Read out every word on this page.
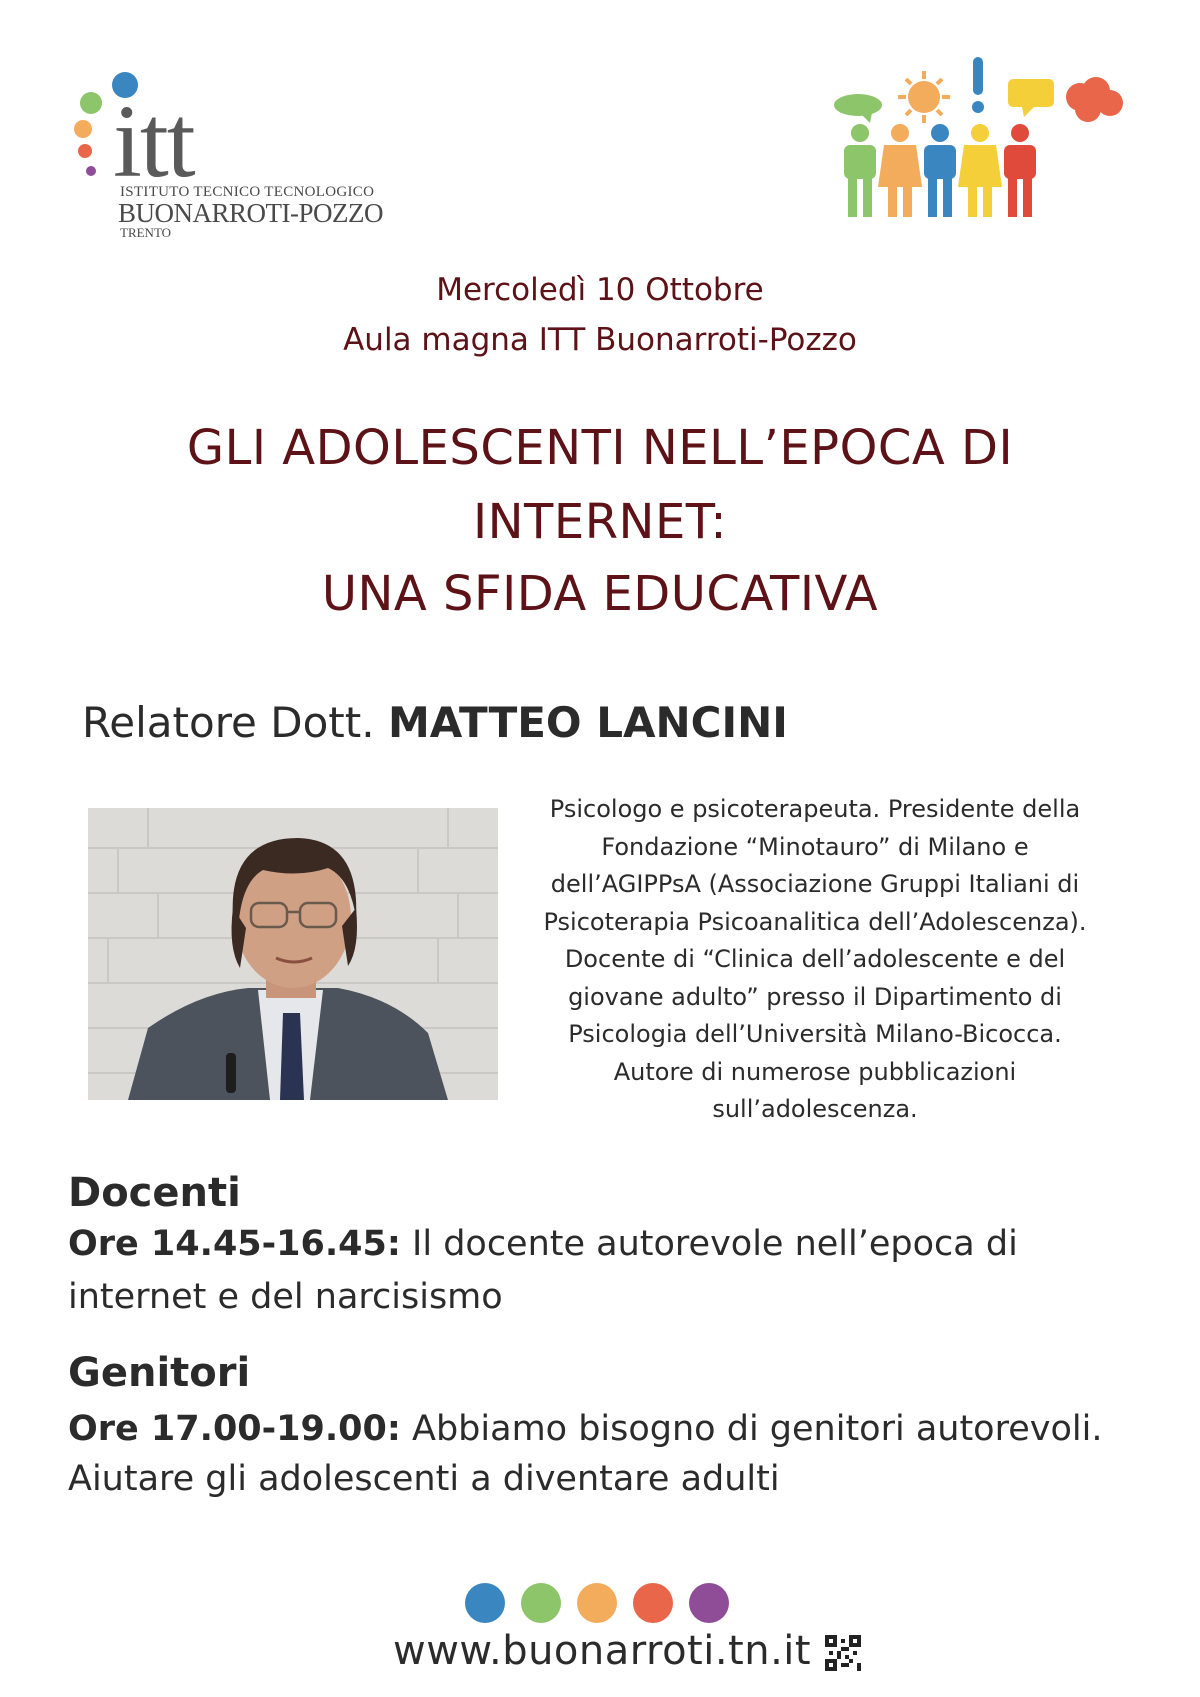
itt
ISTITUTO TECNICO TECNOLOGICO
BUONARROTI-POZZO
TRENTO
Mercoledì 10 Ottobre
Aula magna ITT Buonarroti-Pozzo
GLI ADOLESCENTI NELL’EPOCA DI
INTERNET:
UNA SFIDA EDUCATIVA
Relatore Dott. MATTEO LANCINI
Psicologo e psicoterapeuta. Presidente della
Fondazione “Minotauro” di Milano e
dell’AGIPPsA (Associazione Gruppi Italiani di
Psicoterapia Psicoanalitica dell’Adolescenza).
Docente di “Clinica dell’adolescente e del
giovane adulto” presso il Dipartimento di
Psicologia dell’Università Milano-Bicocca.
Autore di numerose pubblicazioni
sull’adolescenza.
Docenti
Ore 14.45-16.45: Il docente autorevole nell’epoca di
internet e del narcisismo
Genitori
Ore 17.00-19.00: Abbiamo bisogno di genitori autorevoli.
Aiutare gli adolescenti a diventare adulti
www.buonarroti.tn.it
